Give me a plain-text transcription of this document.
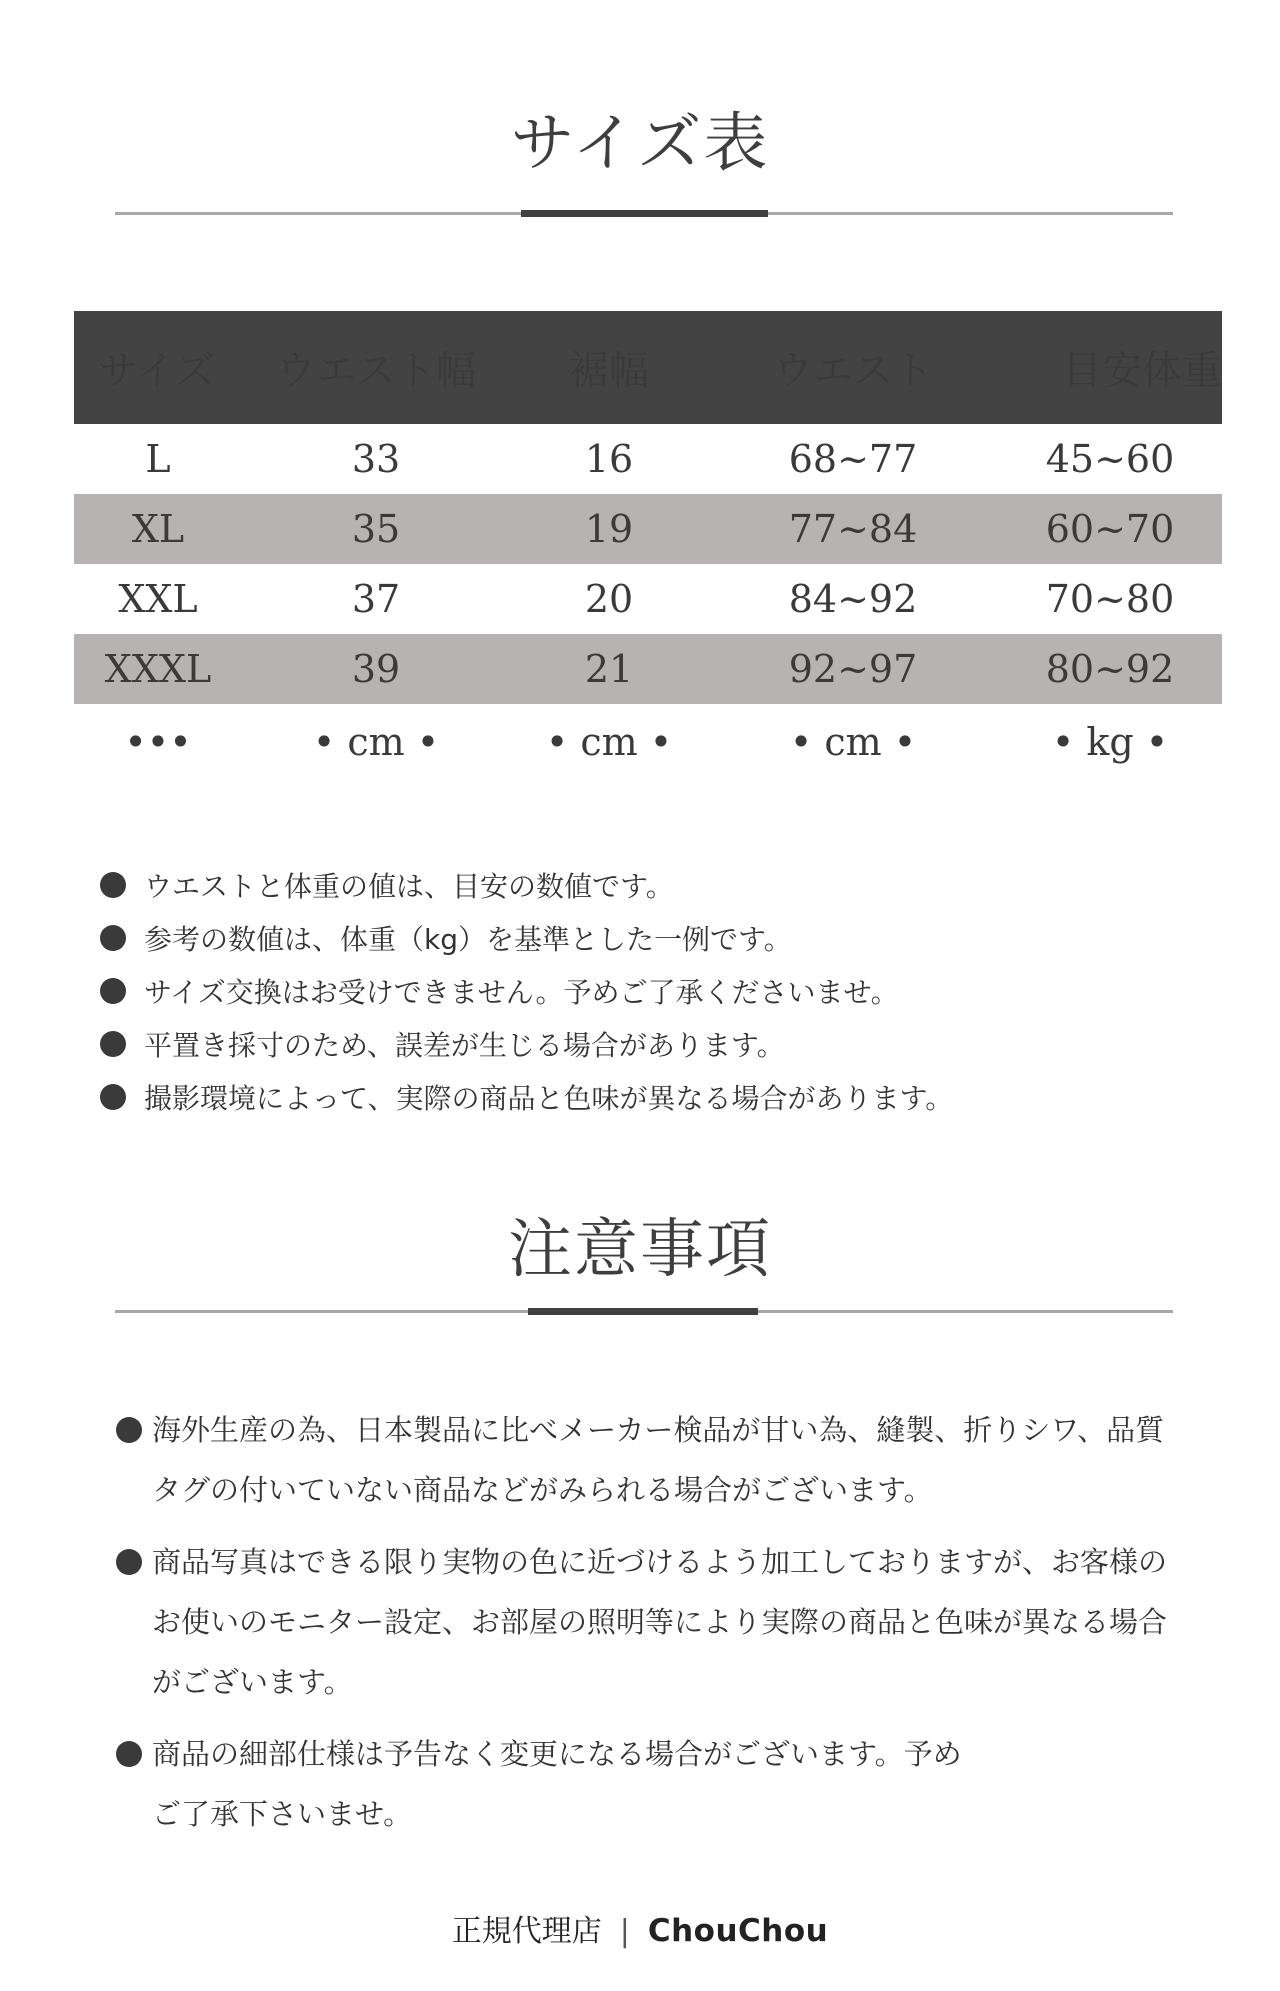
サイズ表
サイズ	ウエスト幅	裾幅	ウエスト	目安体重
L	33	16	68~77	45~60
XL	35	19	77~84	60~70
XXL	37	20	84~92	70~80
XXXL	39	21	92~97	80~92
•••	• cm •	• cm •	• cm •	• kg •
ウエストと体重の値は、目安の数値です。
参考の数値は、体重（kg）を基準とした一例です。
サイズ交換はお受けできません。予めご了承くださいませ。
平置き採寸のため、誤差が生じる場合があります。
撮影環境によって、実際の商品と色味が異なる場合があります。
注意事項
海外生産の為、日本製品に比べメーカー検品が甘い為、縫製、折りシワ、品質タグの付いていない商品などがみられる場合がございます。
商品写真はできる限り実物の色に近づけるよう加工しておりますが、お客様のお使いのモニター設定、お部屋の照明等により実際の商品と色味が異なる場合がございます。
商品の細部仕様は予告なく変更になる場合がございます。予めご了承下さいませ。
正規代理店 | ChouChou
